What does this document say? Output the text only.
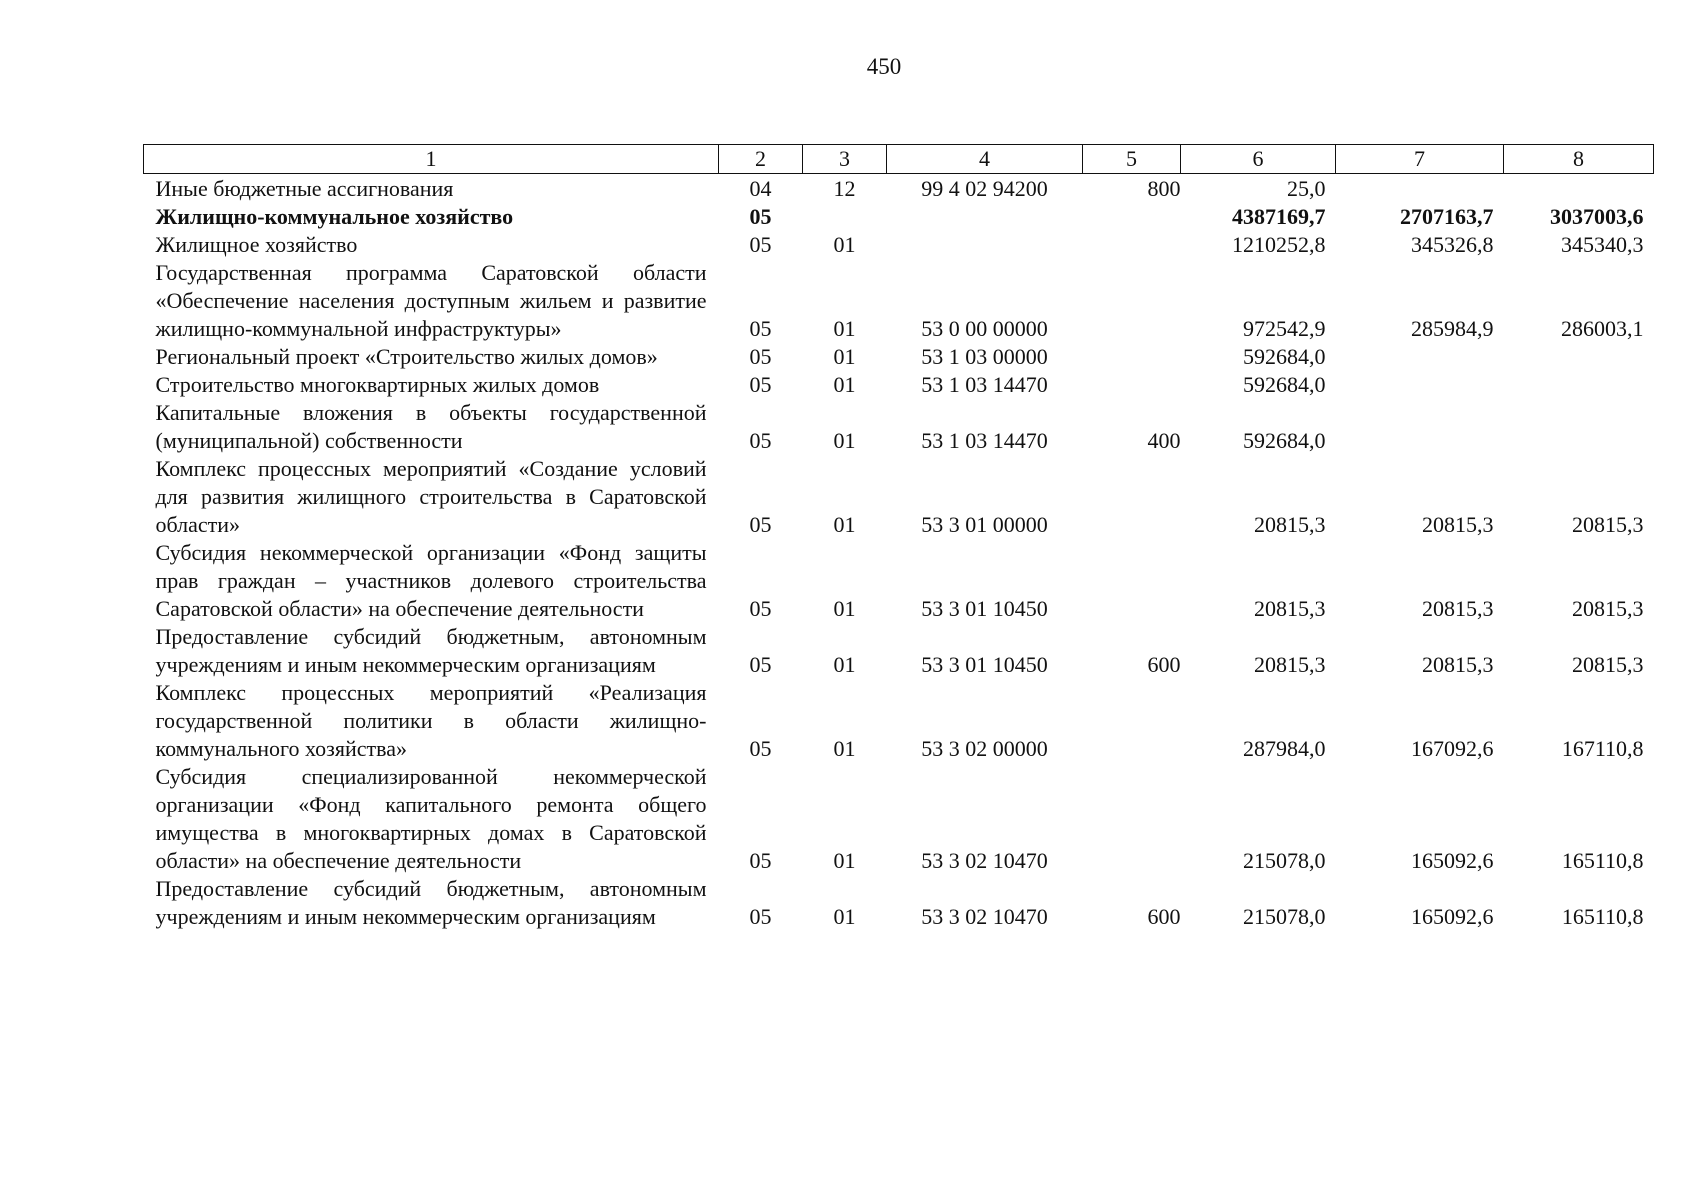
450
1	2	3	4	5	6	7	8
Иные бюджетные ассигнования	04	12	99 4 02 94200	800	25,0		
Жилищно-коммунальное хозяйство	05				4387169,7	2707163,7	3037003,6
Жилищное хозяйство	05	01			1210252,8	345326,8	345340,3
Государственная программа Саратовской области «Обеспечение населения доступным жильем и развитие жилищно-коммунальной инфраструктуры»	05	01	53 0 00 00000		972542,9	285984,9	286003,1
Региональный проект «Строительство жилых домов»	05	01	53 1 03 00000		592684,0		
Строительство многоквартирных жилых домов	05	01	53 1 03 14470		592684,0		
Капитальные вложения в объекты государственной (муниципальной) собственности	05	01	53 1 03 14470	400	592684,0		
Комплекс процессных мероприятий «Создание условий для развития жилищного строительства в Саратовской области»	05	01	53 3 01 00000		20815,3	20815,3	20815,3
Субсидия некоммерческой организации «Фонд защиты прав граждан – участников долевого строительства Саратовской области» на обеспечение деятельности	05	01	53 3 01 10450		20815,3	20815,3	20815,3
Предоставление субсидий бюджетным, автономным учреждениям и иным некоммерческим организациям	05	01	53 3 01 10450	600	20815,3	20815,3	20815,3
Комплекс процессных мероприятий «Реализация государственной политики в области жилищно-коммунального хозяйства»	05	01	53 3 02 00000		287984,0	167092,6	167110,8
Субсидия специализированной некоммерческой организации «Фонд капитального ремонта общего имущества в многоквартирных домах в Саратовской области» на обеспечение деятельности	05	01	53 3 02 10470		215078,0	165092,6	165110,8
Предоставление субсидий бюджетным, автономным учреждениям и иным некоммерческим организациям	05	01	53 3 02 10470	600	215078,0	165092,6	165110,8
